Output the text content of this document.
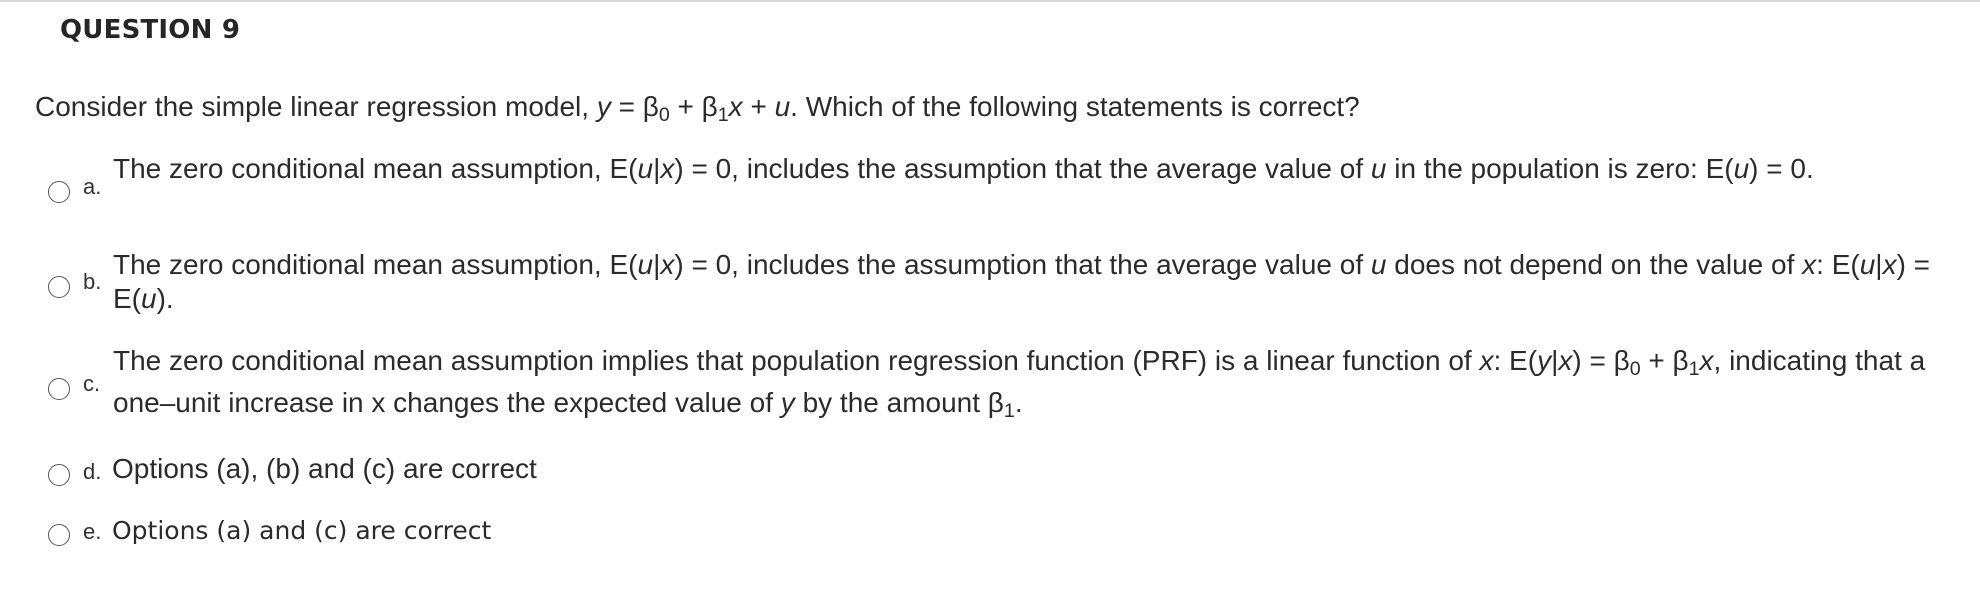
QUESTION 9
Consider the simple linear regression model, $y = \beta_0 + \beta_1x + u$. Which of the following statements is correct?
a.
The zero conditional mean assumption, E(u|x) = 0, includes the assumption that the average value of u in the population is zero: E(u) = 0.
b.
The zero conditional mean assumption, E(u|x) = 0, includes the assumption that the average value of u does not depend on the value of x: E(u|x) = E(u).
c.
The zero conditional mean assumption implies that population regression function (PRF) is a linear function of x: $E(y|x) = \beta_0 + \beta_1x$, indicating that a one–unit increase in x changes the expected value of y by the amount $\beta_1$.
d. Options (a), (b) and (c) are correct
e. Options (a) and (c) are correct
